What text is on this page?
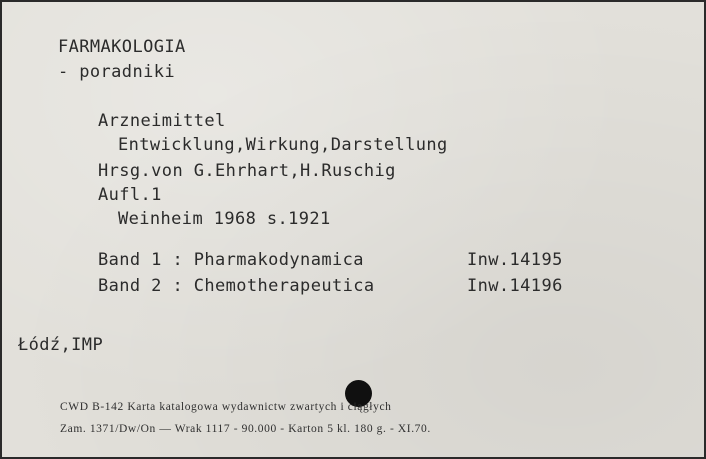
FARMAKOLOGIA
- poradniki
Arzneimittel
Entwicklung,Wirkung,Darstellung
Hrsg.von G.Ehrhart,H.Ruschig
Aufl.1
Weinheim 1968 s.1921
Band 1 : Pharmakodynamica	Inw.14195
Band 2 : Chemotherapeutica	Inw.14196
Łódź,IMP
CWD B-142 Karta katalogowa wydawnictw zwartych i ciągłych
Zam. 1371/Dw/On — Wrak 1117 - 90.000 - Karton 5 kl. 180 g. - XI.70.
